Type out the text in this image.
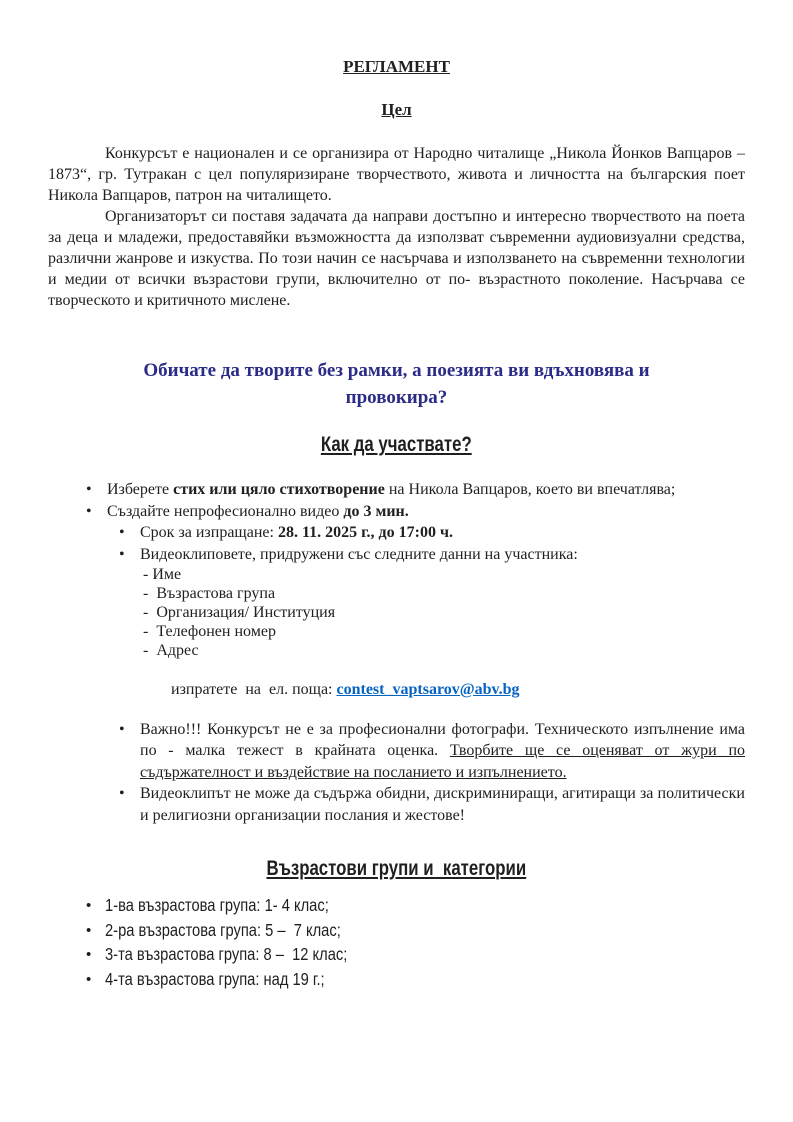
РЕГЛАМЕНТ
Цел

Конкурсът е национален и се организира от Народно читалище „Никола Йонков Вапцаров – 1873“, гр. Тутракан с цел популяризиране творчеството, живота и личността на българския поет Никола Вапцаров, патрон на читалището.

Организаторът си поставя задачата да направи достъпно и интересно творчеството на поета за деца и младежи, предоставяйки възможността да използват съвременни аудиовизуални средства, различни жанрове и изкуства. По този начин се насърчава и използването на съвременни технологии и медии от всички възрастови групи, включително от по- възрастното поколение. Насърчава се творческото и критичното мислене.

Обичате да творите без рамки, а поезията ви вдъхновява и провокира?
Как да участвате?
• Изберете стих или цяло стихотворение на Никола Вапцаров, което ви впечатлява;
• Създайте непрофесионално видео до 3 мин.
• Срок за изпращане: 28. 11. 2025 г., до 17:00 ч.
• Видеоклиповете, придружени със следните данни на участника:
- Име
-  Възрастова група
-  Организация/ Институция
-  Телефонен номер
-  Адрес

изпратете  на  ел. поща: contest_vaptsarov@abv.bg

• Важно!!! Конкурсът не е за професионални фотографи. Техническото изпълнение има по - малка тежест в крайната оценка. Творбите ще се оценяват от жури по съдържателност и въздействие на посланието и изпълнението.
• Видеоклипът не може да съдържа обидни, дискриминиращи, агитиращи за политически и религиозни организации послания и жестове!
Възрастови групи и  категории
• 1-ва възрастова група: 1- 4 клас;
• 2-ра възрастова група: 5 –  7 клас;
• 3-та възрастова група: 8 –  12 клас;
• 4-та възрастова група: над 19 г.;
